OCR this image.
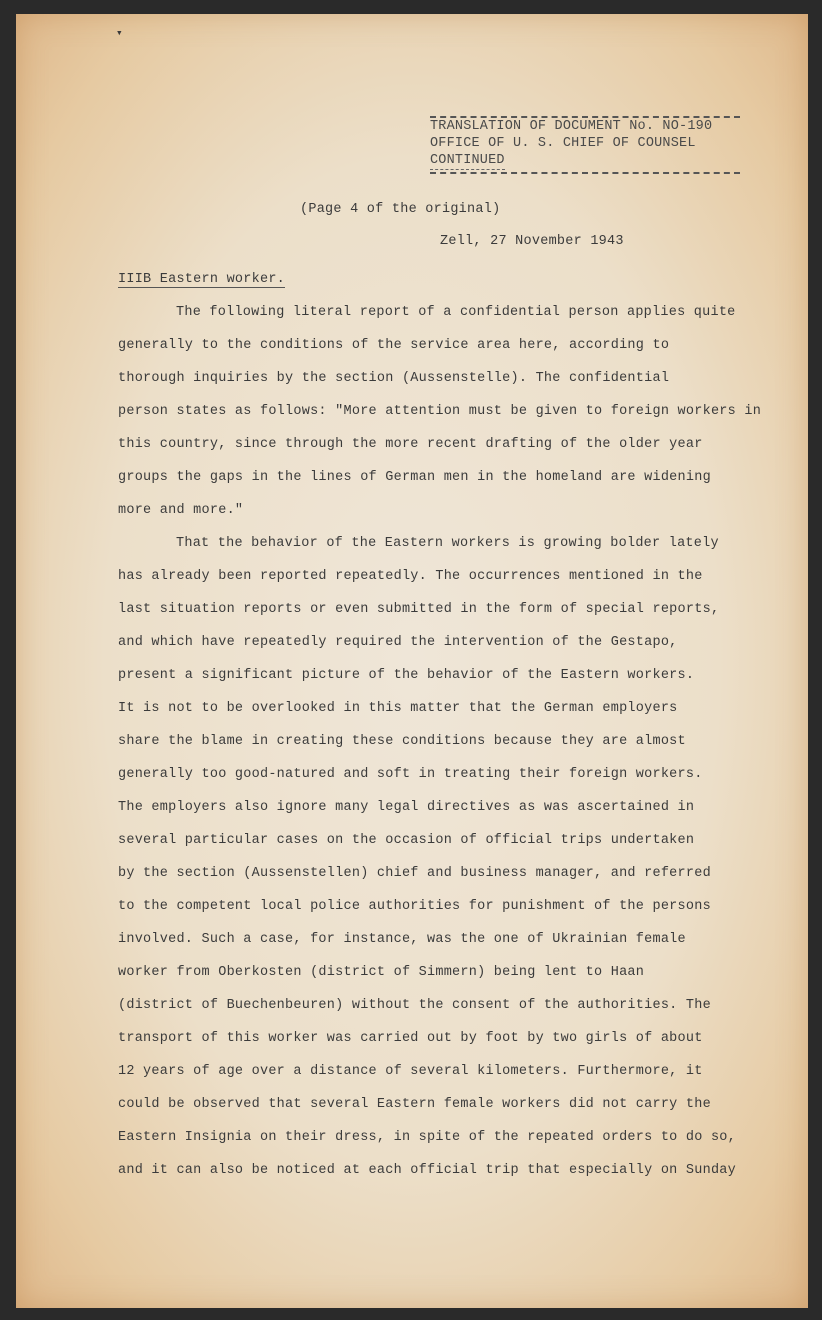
▾
TRANSLATION OF DOCUMENT No. NO-190
OFFICE OF U. S. CHIEF OF COUNSEL
CONTINUED
(Page 4 of the original)
Zell, 27 November 1943
IIIB Eastern worker.
The following literal report of a confidential person applies quite
generally to the conditions of the service area here, according to
thorough inquiries by the section (Aussenstelle). The confidential
person states as follows: "More attention must be given to foreign workers in
this country, since through the more recent drafting of the older year
groups the gaps in the lines of German men in the homeland are widening
more and more."
That the behavior of the Eastern workers is growing bolder lately
has already been reported repeatedly. The occurrences mentioned in the
last situation reports or even submitted in the form of special reports,
and which have repeatedly required the intervention of the Gestapo,
present a significant picture of the behavior of the Eastern workers.
It is not to be overlooked in this matter that the German employers
share the blame in creating these conditions because they are almost
generally too good-natured and soft in treating their foreign workers.
The employers also ignore many legal directives as was ascertained in
several particular cases on the occasion of official trips undertaken
by the section (Aussenstellen) chief and business manager, and referred
to the competent local police authorities for punishment of the persons
involved. Such a case, for instance, was the one of Ukrainian female
worker from Oberkosten (district of Simmern) being lent to Haan
(district of Buechenbeuren) without the consent of the authorities. The
transport of this worker was carried out by foot by two girls of about
12 years of age over a distance of several kilometers. Furthermore, it
could be observed that several Eastern female workers did not carry the
Eastern Insignia on their dress, in spite of the repeated orders to do so,
and it can also be noticed at each official trip that especially on Sunday
